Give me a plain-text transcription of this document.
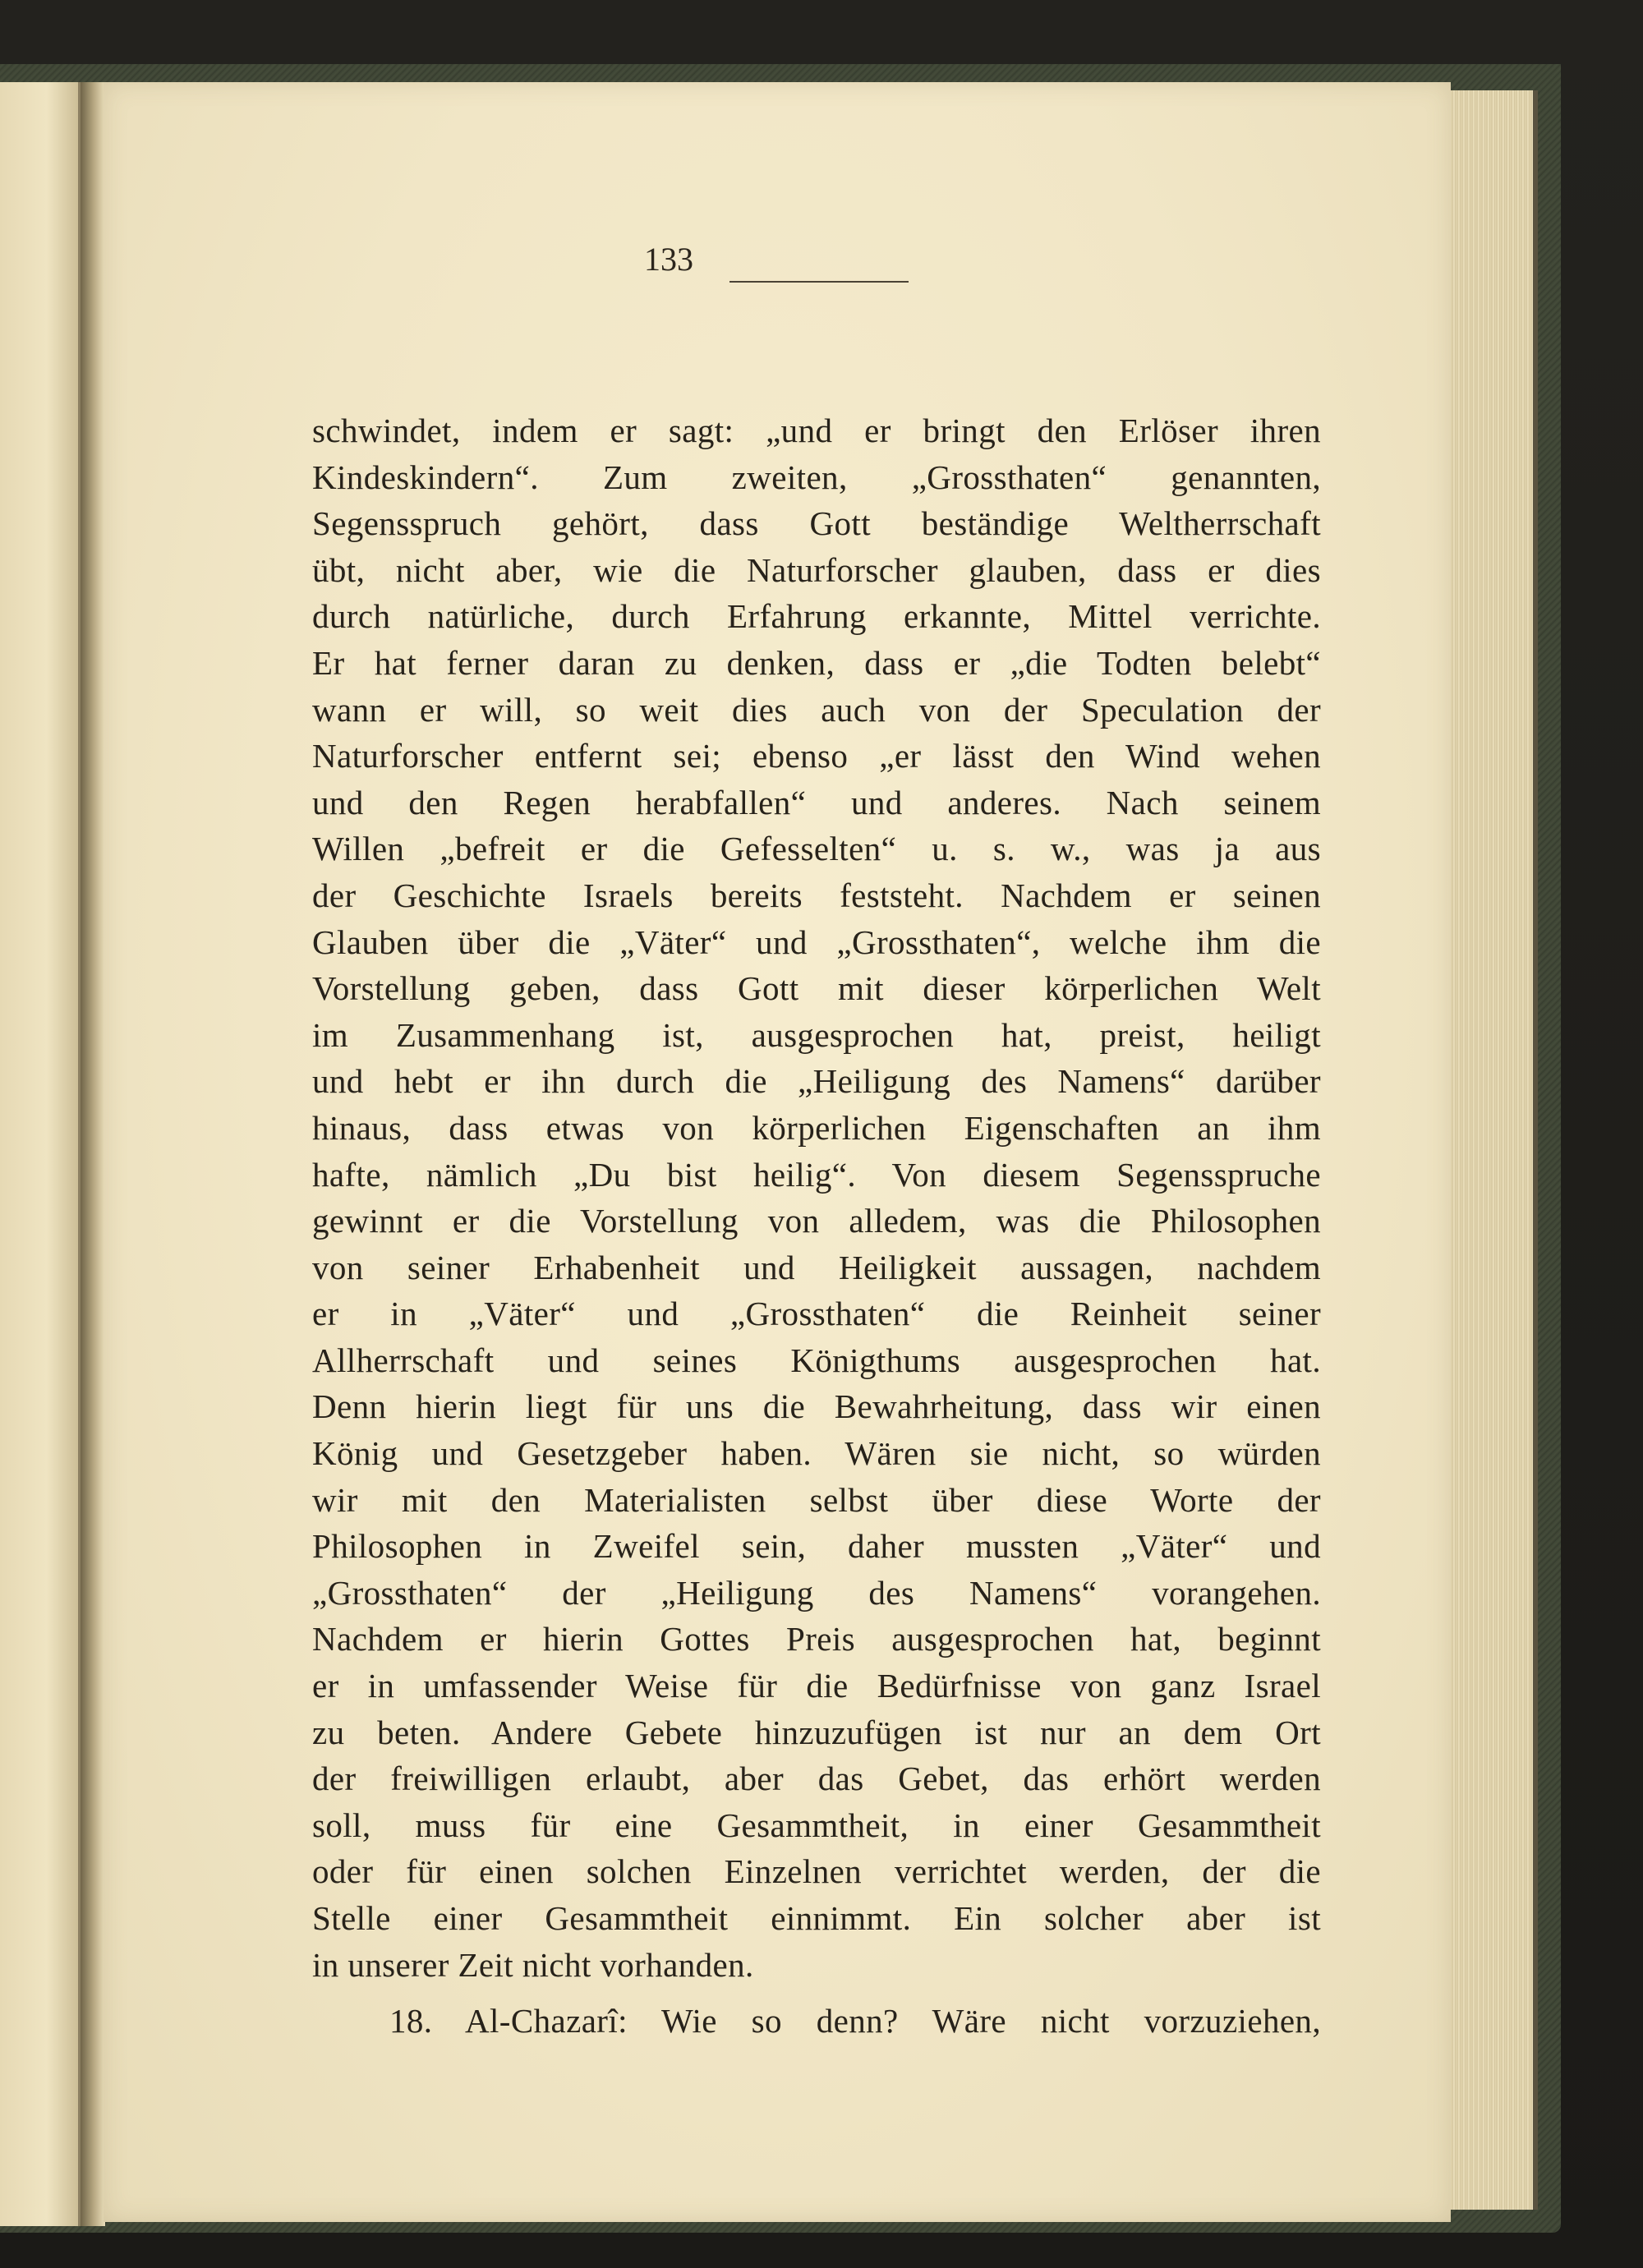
133
schwindet, indem er sagt: „und er bringt den Erlöser ihren
Kindeskindern“. Zum zweiten, „Grossthaten“ genannten,
Segensspruch gehört, dass Gott beständige Weltherrschaft
übt, nicht aber, wie die Naturforscher glauben, dass er dies
durch natürliche, durch Erfahrung erkannte, Mittel verrichte.
Er hat ferner daran zu denken, dass er „die Todten belebt“
wann er will, so weit dies auch von der Speculation der
Naturforscher entfernt sei; ebenso „er lässt den Wind wehen
und den Regen herabfallen“ und anderes. Nach seinem
Willen „befreit er die Gefesselten“ u. s. w., was ja aus
der Geschichte Israels bereits feststeht. Nachdem er seinen
Glauben über die „Väter“ und „Grossthaten“, welche ihm die
Vorstellung geben, dass Gott mit dieser körperlichen Welt
im Zusammenhang ist, ausgesprochen hat, preist, heiligt
und hebt er ihn durch die „Heiligung des Namens“ darüber
hinaus, dass etwas von körperlichen Eigenschaften an ihm
hafte, nämlich „Du bist heilig“. Von diesem Segensspruche
gewinnt er die Vorstellung von alledem, was die Philosophen
von seiner Erhabenheit und Heiligkeit aussagen, nachdem
er in „Väter“ und „Grossthaten“ die Reinheit seiner
Allherrschaft und seines Königthums ausgesprochen hat.
Denn hierin liegt für uns die Bewahrheitung, dass wir einen
König und Gesetzgeber haben. Wären sie nicht, so würden
wir mit den Materialisten selbst über diese Worte der
Philosophen in Zweifel sein, daher mussten „Väter“ und
„Grossthaten“ der „Heiligung des Namens“ vorangehen.
Nachdem er hierin Gottes Preis ausgesprochen hat, beginnt
er in umfassender Weise für die Bedürfnisse von ganz Israel
zu beten. Andere Gebete hinzuzufügen ist nur an dem Ort
der freiwilligen erlaubt, aber das Gebet, das erhört werden
soll, muss für eine Gesammtheit, in einer Gesammtheit
oder für einen solchen Einzelnen verrichtet werden, der die
Stelle einer Gesammtheit einnimmt. Ein solcher aber ist
in unserer Zeit nicht vorhanden.
18. Al-Chazarî: Wie so denn? Wäre nicht vorzuziehen,
